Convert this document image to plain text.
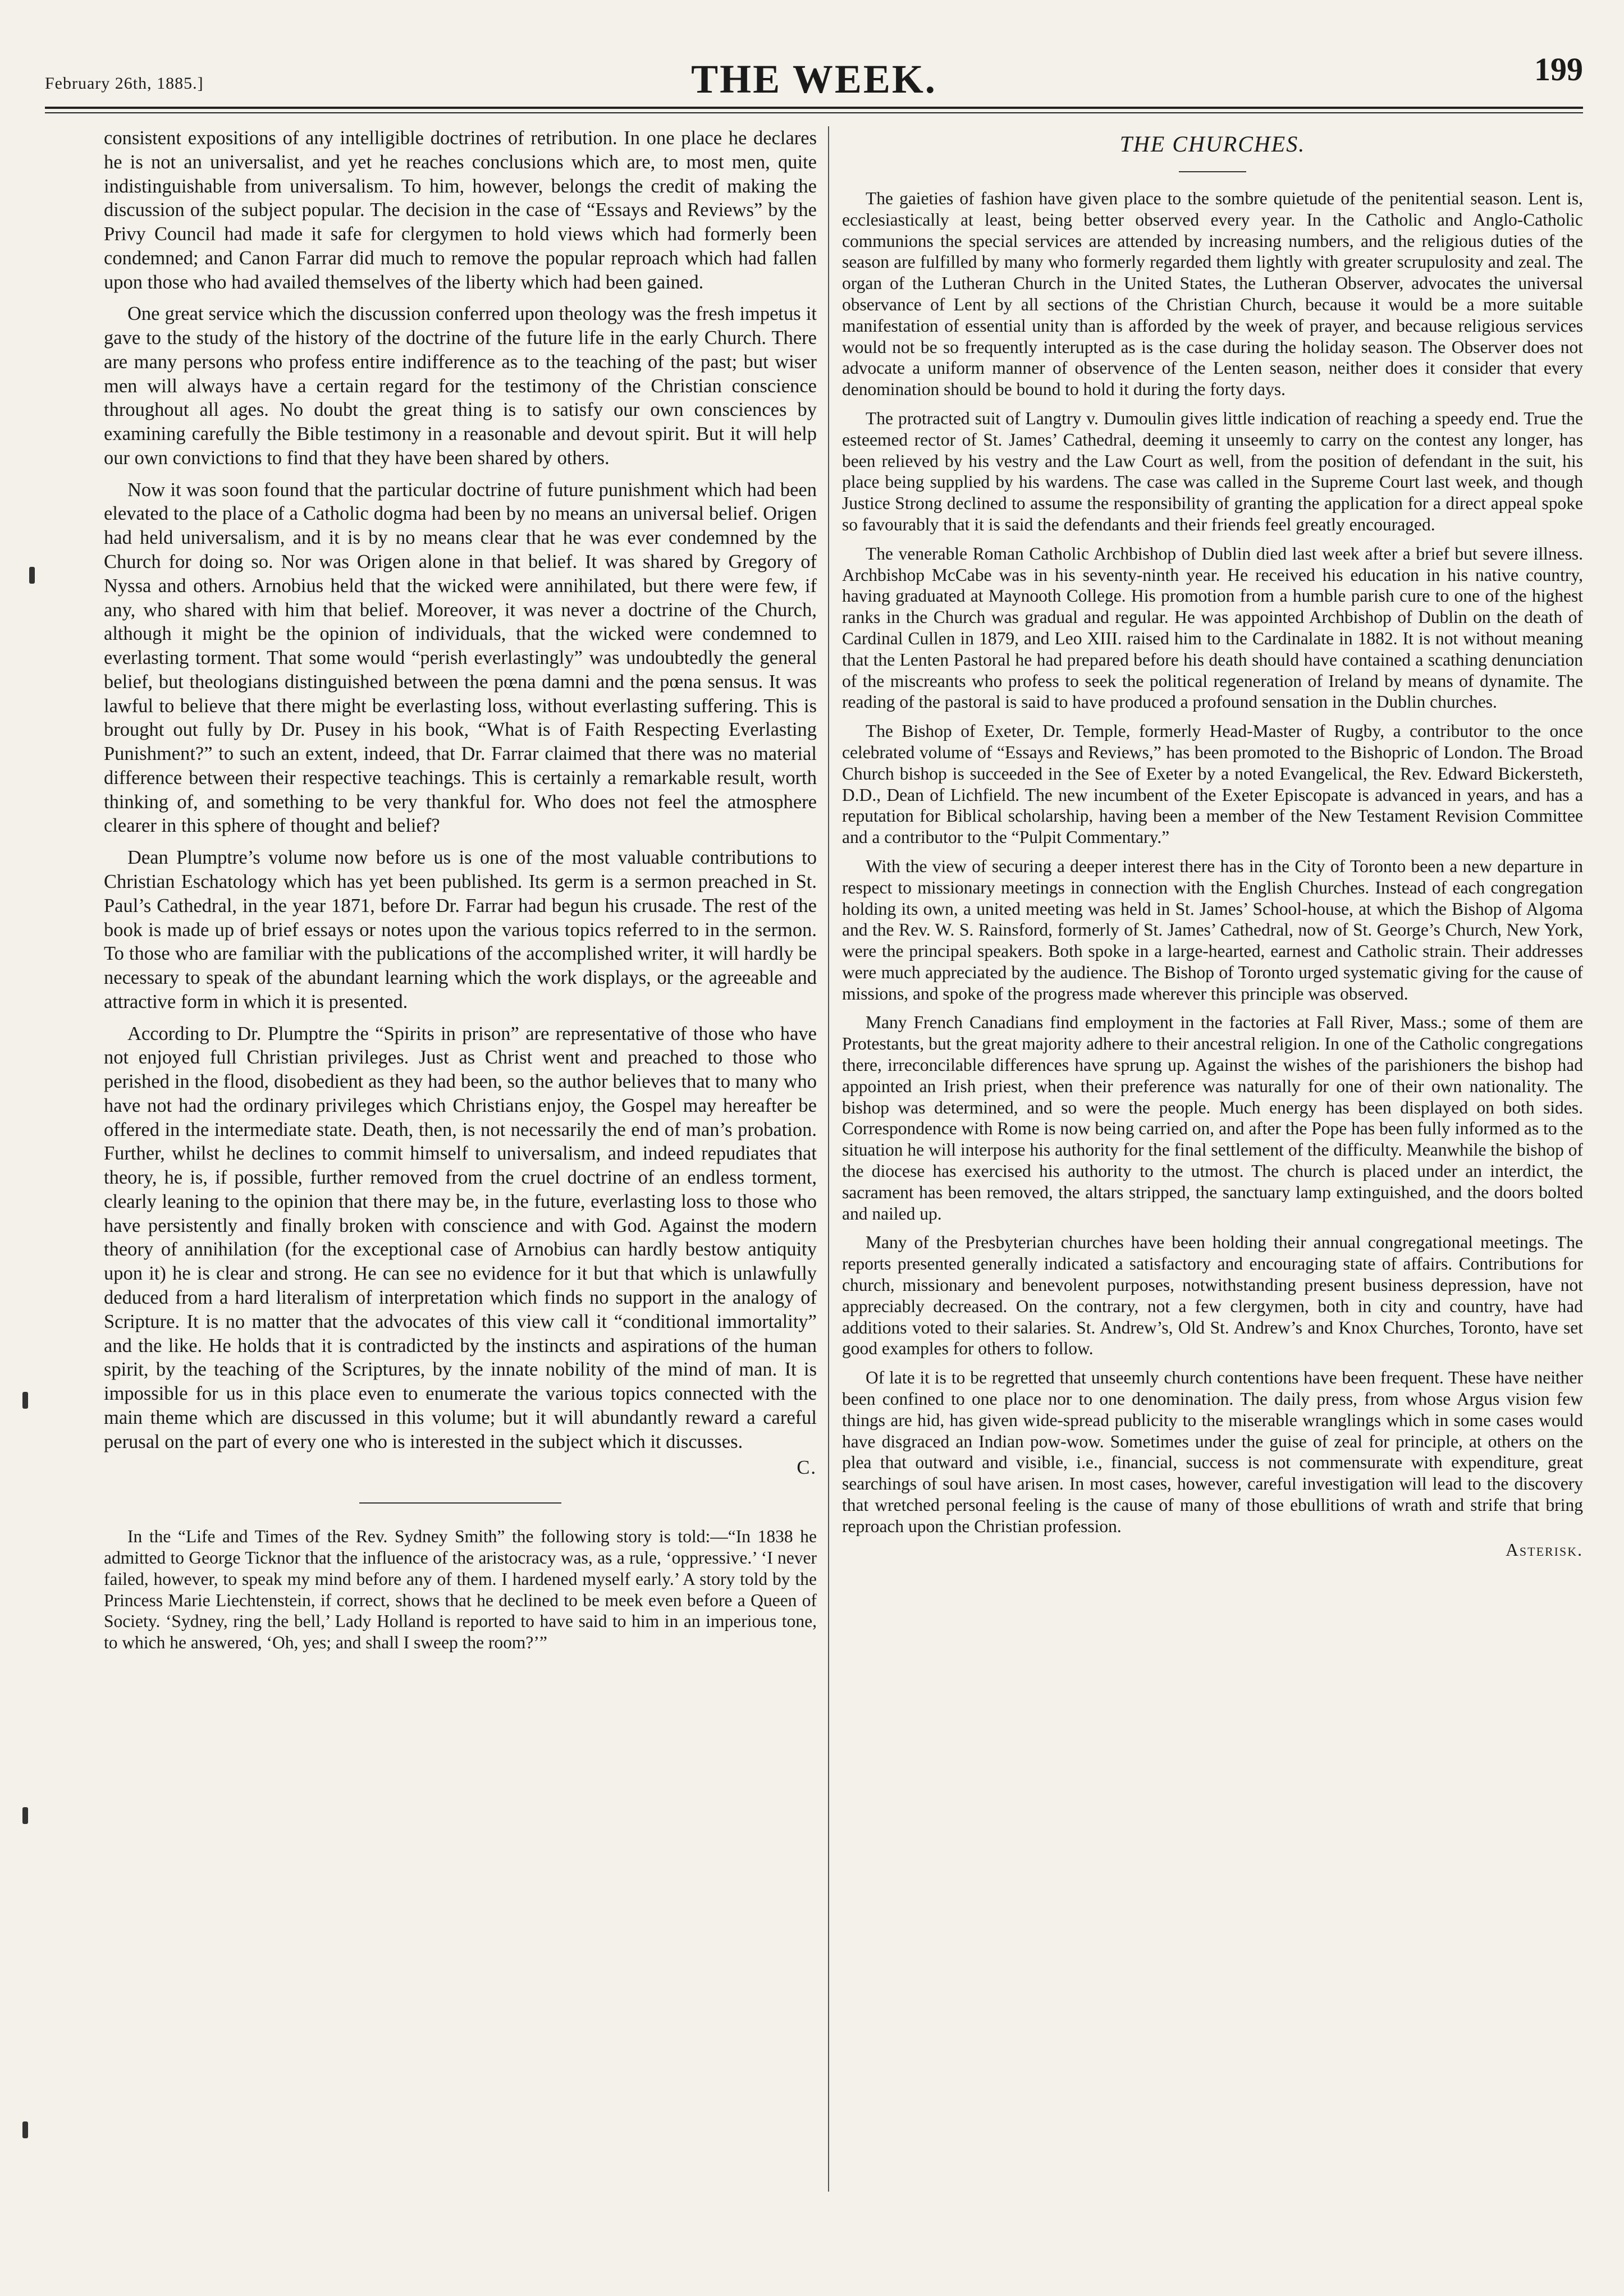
February 26th, 1885.]	THE WEEK.	199

consistent expositions of any intelligible doctrines of retribution. In one place he declares he is not an universalist, and yet he reaches conclusions which are, to most men, quite indistinguishable from universalism. To him, however, belongs the credit of making the discussion of the subject popular. The decision in the case of “Essays and Reviews” by the Privy Council had made it safe for clergymen to hold views which had formerly been condemned; and Canon Farrar did much to remove the popular reproach which had fallen upon those who had availed themselves of the liberty which had been gained.

One great service which the discussion conferred upon theology was the fresh impetus it gave to the study of the history of the doctrine of the future life in the early Church. There are many persons who profess entire indifference as to the teaching of the past; but wiser men will always have a certain regard for the testimony of the Christian conscience throughout all ages. No doubt the great thing is to satisfy our own consciences by examining carefully the Bible testimony in a reasonable and devout spirit. But it will help our own convictions to find that they have been shared by others.

Now it was soon found that the particular doctrine of future punishment which had been elevated to the place of a Catholic dogma had been by no means an universal belief. Origen had held universalism, and it is by no means clear that he was ever condemned by the Church for doing so. Nor was Origen alone in that belief. It was shared by Gregory of Nyssa and others. Arnobius held that the wicked were annihilated, but there were few, if any, who shared with him that belief. Moreover, it was never a doctrine of the Church, although it might be the opinion of individuals, that the wicked were condemned to everlasting torment. That some would “perish everlastingly” was undoubtedly the general belief, but theologians distinguished between the pœna damni and the pœna sensus. It was lawful to believe that there might be everlasting loss, without everlasting suffering. This is brought out fully by Dr. Pusey in his book, “What is of Faith Respecting Everlasting Punishment?” to such an extent, indeed, that Dr. Farrar claimed that there was no material difference between their respective teachings. This is certainly a remarkable result, worth thinking of, and something to be very thankful for. Who does not feel the atmosphere clearer in this sphere of thought and belief?

Dean Plumptre’s volume now before us is one of the most valuable contributions to Christian Eschatology which has yet been published. Its germ is a sermon preached in St. Paul’s Cathedral, in the year 1871, before Dr. Farrar had begun his crusade. The rest of the book is made up of brief essays or notes upon the various topics referred to in the sermon. To those who are familiar with the publications of the accomplished writer, it will hardly be necessary to speak of the abundant learning which the work displays, or the agreeable and attractive form in which it is presented.

According to Dr. Plumptre the “Spirits in prison” are representative of those who have not enjoyed full Christian privileges. Just as Christ went and preached to those who perished in the flood, disobedient as they had been, so the author believes that to many who have not had the ordinary privileges which Christians enjoy, the Gospel may hereafter be offered in the intermediate state. Death, then, is not necessarily the end of man’s probation. Further, whilst he declines to commit himself to universalism, and indeed repudiates that theory, he is, if possible, further removed from the cruel doctrine of an endless torment, clearly leaning to the opinion that there may be, in the future, everlasting loss to those who have persistently and finally broken with conscience and with God. Against the modern theory of annihilation (for the exceptional case of Arnobius can hardly bestow antiquity upon it) he is clear and strong. He can see no evidence for it but that which is unlawfully deduced from a hard literalism of interpretation which finds no support in the analogy of Scripture. It is no matter that the advocates of this view call it “conditional immortality” and the like. He holds that it is contradicted by the instincts and aspirations of the human spirit, by the teaching of the Scriptures, by the innate nobility of the mind of man. It is impossible for us in this place even to enumerate the various topics connected with the main theme which are discussed in this volume; but it will abundantly reward a careful perusal on the part of every one who is interested in the subject which it discusses.

C.

In the “Life and Times of the Rev. Sydney Smith” the following story is told:—“In 1838 he admitted to George Ticknor that the influence of the aristocracy was, as a rule, ‘oppressive.’ ‘I never failed, however, to speak my mind before any of them. I hardened myself early.’ A story told by the Princess Marie Liechtenstein, if correct, shows that he declined to be meek even before a Queen of Society. ‘Sydney, ring the bell,’ Lady Holland is reported to have said to him in an imperious tone, to which he answered, ‘Oh, yes; and shall I sweep the room?’”

THE CHURCHES.

The gaieties of fashion have given place to the sombre quietude of the penitential season. Lent is, ecclesiastically at least, being better observed every year. In the Catholic and Anglo-Catholic communions the special services are attended by increasing numbers, and the religious duties of the season are fulfilled by many who formerly regarded them lightly with greater scrupulosity and zeal. The organ of the Lutheran Church in the United States, the Lutheran Observer, advocates the universal observance of Lent by all sections of the Christian Church, because it would be a more suitable manifestation of essential unity than is afforded by the week of prayer, and because religious services would not be so frequently interupted as is the case during the holiday season. The Observer does not advocate a uniform manner of observence of the Lenten season, neither does it consider that every denomination should be bound to hold it during the forty days.

The protracted suit of Langtry v. Dumoulin gives little indication of reaching a speedy end. True the esteemed rector of St. James’ Cathedral, deeming it unseemly to carry on the contest any longer, has been relieved by his vestry and the Law Court as well, from the position of defendant in the suit, his place being supplied by his wardens. The case was called in the Supreme Court last week, and though Justice Strong declined to assume the responsibility of granting the application for a direct appeal spoke so favourably that it is said the defendants and their friends feel greatly encouraged.

The venerable Roman Catholic Archbishop of Dublin died last week after a brief but severe illness. Archbishop McCabe was in his seventy-ninth year. He received his education in his native country, having graduated at Maynooth College. His promotion from a humble parish cure to one of the highest ranks in the Church was gradual and regular. He was appointed Archbishop of Dublin on the death of Cardinal Cullen in 1879, and Leo XIII. raised him to the Cardinalate in 1882. It is not without meaning that the Lenten Pastoral he had prepared before his death should have contained a scathing denunciation of the miscreants who profess to seek the political regeneration of Ireland by means of dynamite. The reading of the pastoral is said to have produced a profound sensation in the Dublin churches.

The Bishop of Exeter, Dr. Temple, formerly Head-Master of Rugby, a contributor to the once celebrated volume of “Essays and Reviews,” has been promoted to the Bishopric of London. The Broad Church bishop is succeeded in the See of Exeter by a noted Evangelical, the Rev. Edward Bickersteth, D.D., Dean of Lichfield. The new incumbent of the Exeter Episcopate is advanced in years, and has a reputation for Biblical scholarship, having been a member of the New Testament Revision Committee and a contributor to the “Pulpit Commentary.”

With the view of securing a deeper interest there has in the City of Toronto been a new departure in respect to missionary meetings in connection with the English Churches. Instead of each congregation holding its own, a united meeting was held in St. James’ School-house, at which the Bishop of Algoma and the Rev. W. S. Rainsford, formerly of St. James’ Cathedral, now of St. George’s Church, New York, were the principal speakers. Both spoke in a large-hearted, earnest and Catholic strain. Their addresses were much appreciated by the audience. The Bishop of Toronto urged systematic giving for the cause of missions, and spoke of the progress made wherever this principle was observed.

Many French Canadians find employment in the factories at Fall River, Mass.; some of them are Protestants, but the great majority adhere to their ancestral religion. In one of the Catholic congregations there, irreconcilable differences have sprung up. Against the wishes of the parishioners the bishop had appointed an Irish priest, when their preference was naturally for one of their own nationality. The bishop was determined, and so were the people. Much energy has been displayed on both sides. Correspondence with Rome is now being carried on, and after the Pope has been fully informed as to the situation he will interpose his authority for the final settlement of the difficulty. Meanwhile the bishop of the diocese has exercised his authority to the utmost. The church is placed under an interdict, the sacrament has been removed, the altars stripped, the sanctuary lamp extinguished, and the doors bolted and nailed up.

Many of the Presbyterian churches have been holding their annual congregational meetings. The reports presented generally indicated a satisfactory and encouraging state of affairs. Contributions for church, missionary and benevolent purposes, notwithstanding present business depression, have not appreciably decreased. On the contrary, not a few clergymen, both in city and country, have had additions voted to their salaries. St. Andrew’s, Old St. Andrew’s and Knox Churches, Toronto, have set good examples for others to follow.

Of late it is to be regretted that unseemly church contentions have been frequent. These have neither been confined to one place nor to one denomination. The daily press, from whose Argus vision few things are hid, has given wide-spread publicity to the miserable wranglings which in some cases would have disgraced an Indian pow-wow. Sometimes under the guise of zeal for principle, at others on the plea that outward and visible, i.e., financial, success is not commensurate with expenditure, great searchings of soul have arisen. In most cases, however, careful investigation will lead to the discovery that wretched personal feeling is the cause of many of those ebullitions of wrath and strife that bring reproach upon the Christian profession.

Asterisk.
